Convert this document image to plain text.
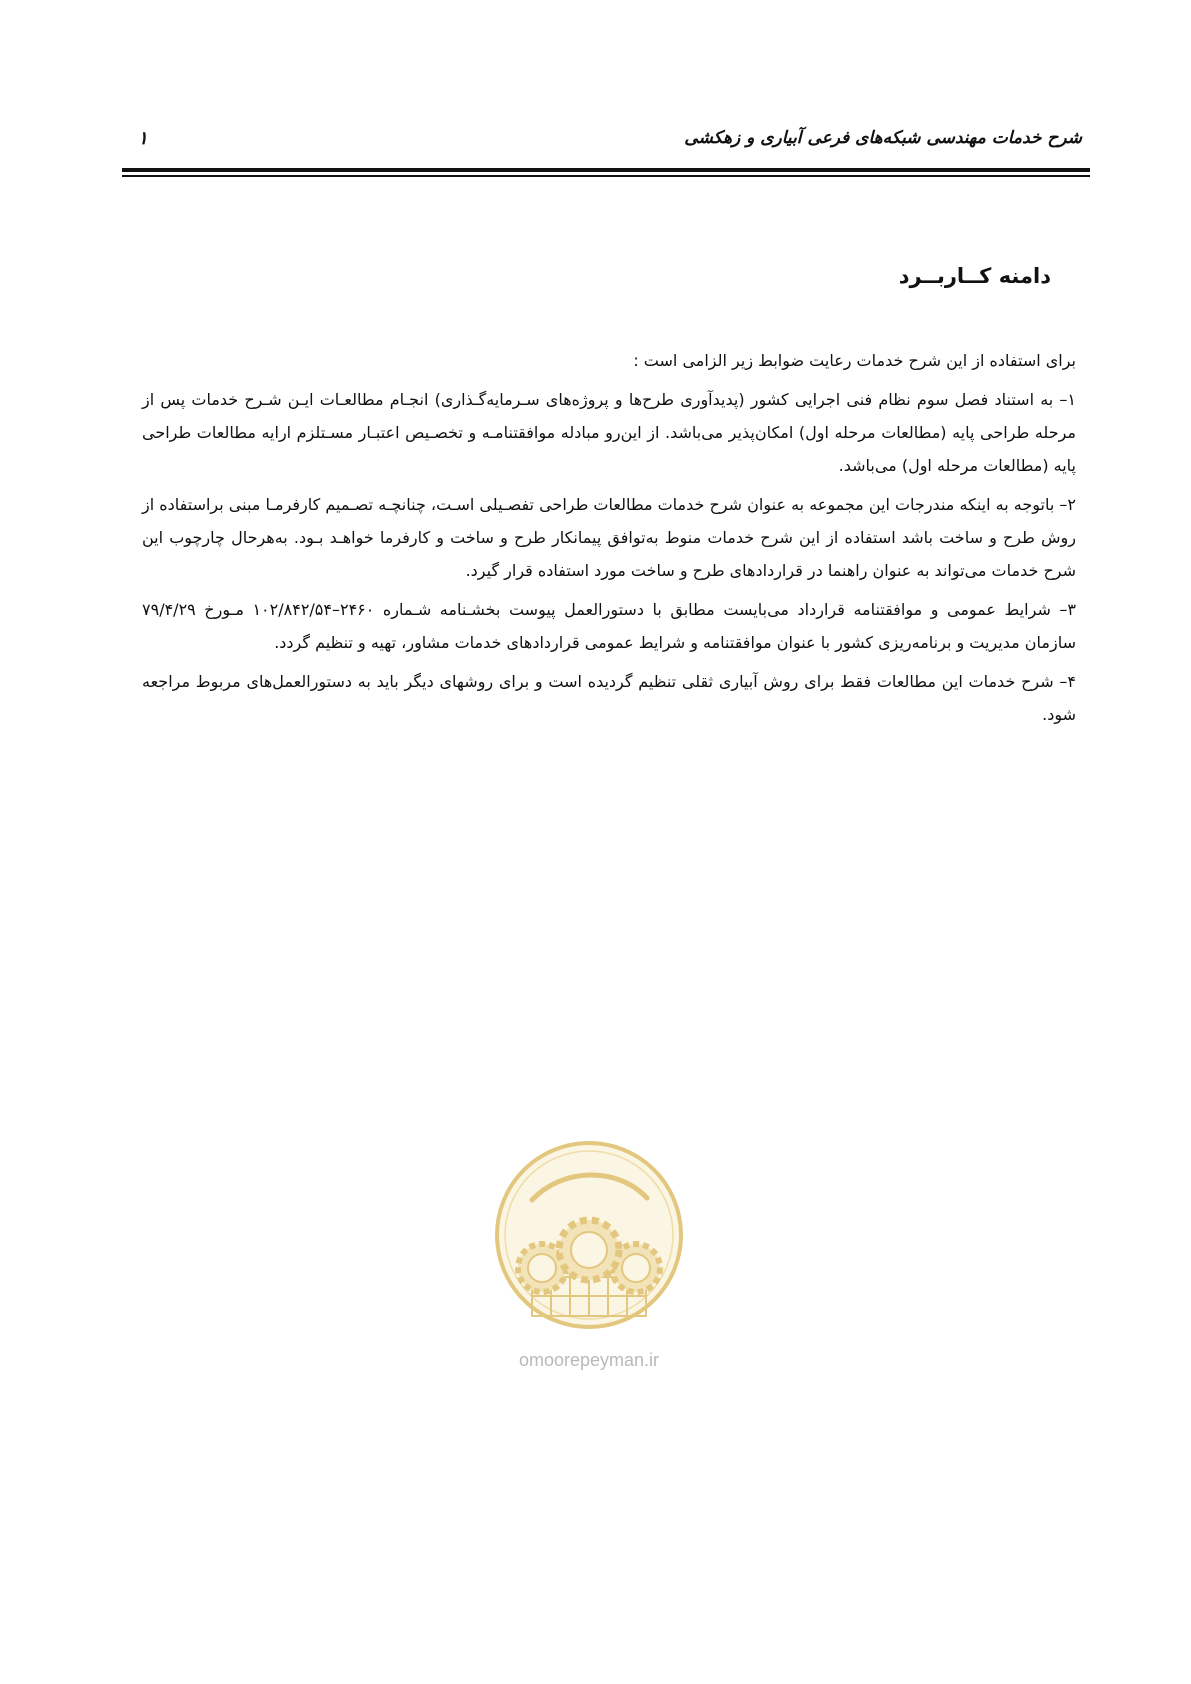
شرح خدمات مهندسی شبکه‌های فرعی آبیاری و زهکشی
۱
دامنه کــاربــرد

برای استفاده از این شرح خدمات رعایت ضوابط زیر الزامی است :

۱– به استناد فصل سوم نظام فنی اجرایی کشور (پدیدآوری طرح‌ها و پروژه‌های سـرمایه‌گـذاری) انجـام مطالعـات ایـن شـرح خدمات پس از مرحله طراحی پایه (مطالعات مرحله اول) امکان‌پذیر می‌باشد. از این‌رو مبادله موافقتنامـه و تخصـیص اعتبـار مسـتلزم ارایه مطالعات طراحی پایه (مطالعات مرحله اول) می‌باشد.

۲– باتوجه به اینکه مندرجات این مجموعه به عنوان شرح خدمات مطالعات طراحی تفصـیلی اسـت، چنانچـه تصـمیم کارفرمـا مبنی براستفاده از روش طرح و ساخت باشد استفاده از این شرح خدمات منوط به‌توافق پیمانکار طرح و ساخت و کارفرما خواهـد بـود. به‌هرحال چارچوب این شرح خدمات می‌تواند به عنوان راهنما در قراردادهای طرح و ساخت مورد استفاده قرار گیرد.

۳– شرایط عمومی و موافقتنامه قرارداد می‌بایست مطابق با دستورالعمل پیوست بخشـنامه شـماره ۲۴۶۰–۱۰۲/۸۴۲/۵۴ مـورخ ۷۹/۴/۲۹ سازمان مدیریت و برنامه‌ریزی کشور با عنوان موافقتنامه و شرایط عمومی قراردادهای خدمات مشاور، تهیه و تنظیم گردد.

۴– شرح خدمات این مطالعات فقط برای روش آبیاری ثقلی تنظیم گردیده است و برای روشهای دیگر باید به دستورالعمل‌های مربوط مراجعه شود.

omoorepeyman.ir
